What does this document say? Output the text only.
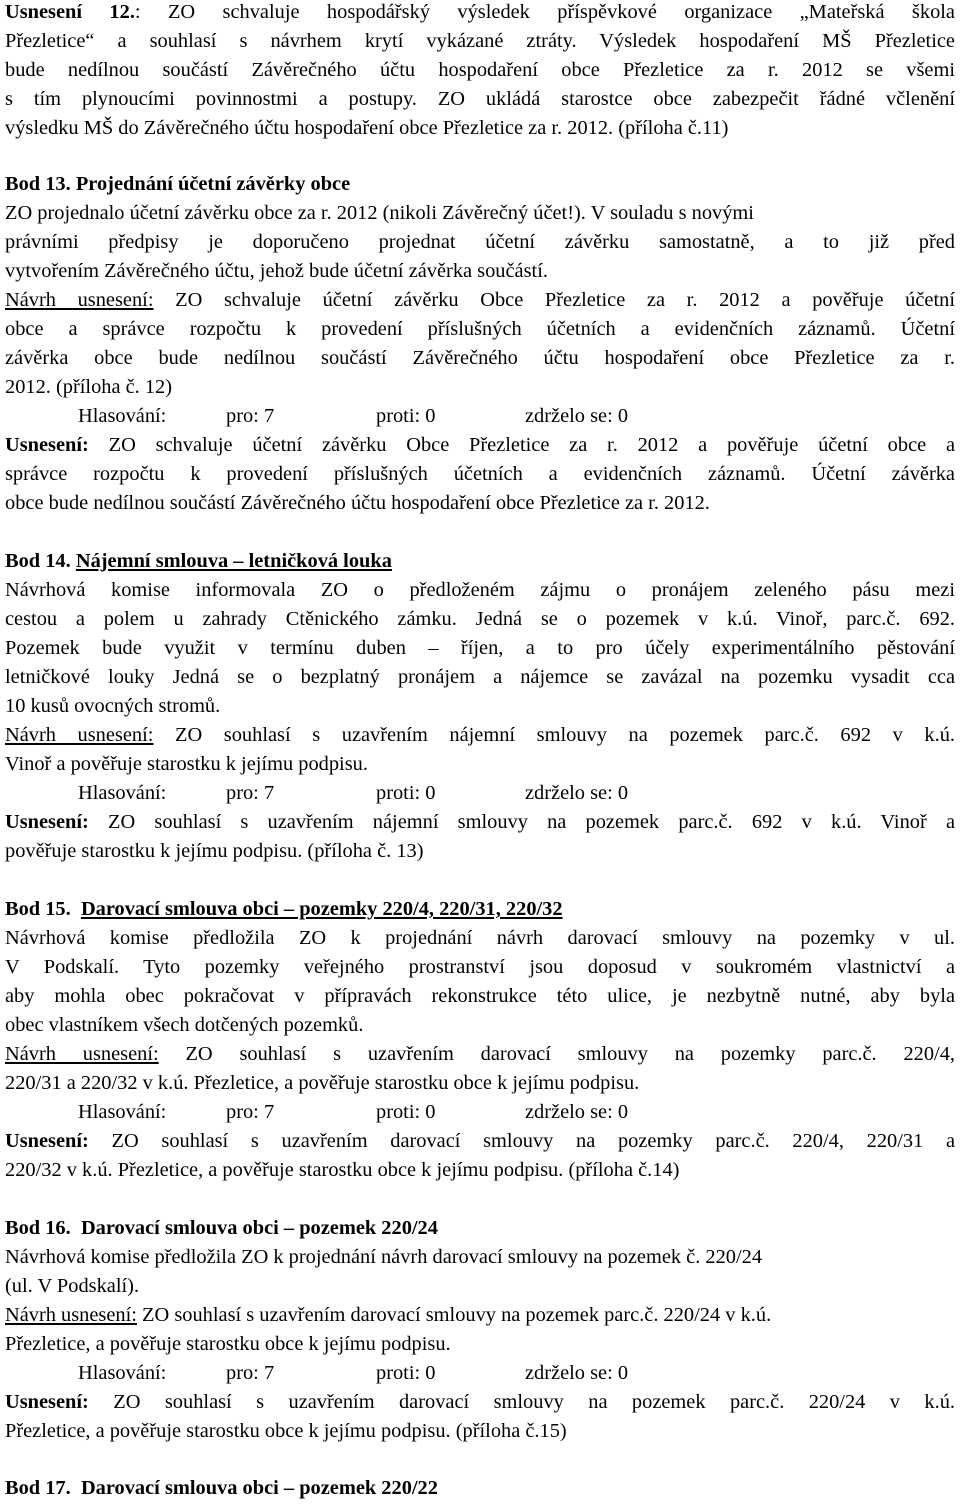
Usnesení 12.: ZO schvaluje hospodářský výsledek příspěvkové organizace „Mateřská škola
Přezletice“ a souhlasí s návrhem krytí vykázané ztráty. Výsledek hospodaření MŠ Přezletice
bude nedílnou součástí Závěrečného účtu hospodaření obce Přezletice za r. 2012 se všemi
s tím plynoucími povinnostmi a postupy. ZO ukládá starostce obce zabezpečit řádné včlenění
výsledku MŠ do Závěrečného účtu hospodaření obce Přezletice za r. 2012. (příloha č.11)
Bod 13. Projednání účetní závěrky obce
ZO projednalo účetní závěrku obce za r. 2012 (nikoli Závěrečný účet!). V souladu s novými
právními předpisy je doporučeno projednat účetní závěrku samostatně, a to již před
vytvořením Závěrečného účtu, jehož bude účetní závěrka součástí.
Návrh usnesení: ZO schvaluje účetní závěrku Obce Přezletice za r. 2012 a pověřuje účetní
obce a správce rozpočtu k provedení příslušných účetních a evidenčních záznamů. Účetní
závěrka obce bude nedílnou součástí Závěrečného účtu hospodaření obce Přezletice za r.
2012. (příloha č. 12)
Hlasování:	pro: 7	proti: 0	zdrželo se: 0
Usnesení: ZO schvaluje účetní závěrku Obce Přezletice za r. 2012 a pověřuje účetní obce a
správce rozpočtu k provedení příslušných účetních a evidenčních záznamů. Účetní závěrka
obce bude nedílnou součástí Závěrečného účtu hospodaření obce Přezletice za r. 2012.
Bod 14. Nájemní smlouva – letničková louka
Návrhová komise informovala ZO o předloženém zájmu o pronájem zeleného pásu mezi
cestou a polem u zahrady Ctěnického zámku. Jedná se o pozemek v k.ú. Vinoř, parc.č. 692.
Pozemek bude využit v termínu duben – říjen, a to pro účely experimentálního pěstování
letničkové louky Jedná se o bezplatný pronájem a nájemce se zavázal na pozemku vysadit cca
10 kusů ovocných stromů.
Návrh usnesení: ZO souhlasí s uzavřením nájemní smlouvy na pozemek parc.č. 692 v k.ú.
Vinoř a pověřuje starostku k jejímu podpisu.
Hlasování:	pro: 7	proti: 0	zdrželo se: 0
Usnesení: ZO souhlasí s uzavřením nájemní smlouvy na pozemek parc.č. 692 v k.ú. Vinoř a
pověřuje starostku k jejímu podpisu. (příloha č. 13)
Bod 15. Darovací smlouva obci – pozemky 220/4, 220/31, 220/32
Návrhová komise předložila ZO k projednání návrh darovací smlouvy na pozemky v ul.
V Podskalí. Tyto pozemky veřejného prostranství jsou doposud v soukromém vlastnictví a
aby mohla obec pokračovat v přípravách rekonstrukce této ulice, je nezbytně nutné, aby byla
obec vlastníkem všech dotčených pozemků.
Návrh usnesení: ZO souhlasí s uzavřením darovací smlouvy na pozemky parc.č. 220/4,
220/31 a 220/32 v k.ú. Přezletice, a pověřuje starostku obce k jejímu podpisu.
Hlasování:	pro: 7	proti: 0	zdrželo se: 0
Usnesení: ZO souhlasí s uzavřením darovací smlouvy na pozemky parc.č. 220/4, 220/31 a
220/32 v k.ú. Přezletice, a pověřuje starostku obce k jejímu podpisu. (příloha č.14)
Bod 16. Darovací smlouva obci – pozemek 220/24
Návrhová komise předložila ZO k projednání návrh darovací smlouvy na pozemek č. 220/24
(ul. V Podskalí).
Návrh usnesení: ZO souhlasí s uzavřením darovací smlouvy na pozemek parc.č. 220/24 v k.ú.
Přezletice, a pověřuje starostku obce k jejímu podpisu.
Hlasování:	pro: 7	proti: 0	zdrželo se: 0
Usnesení: ZO souhlasí s uzavřením darovací smlouvy na pozemek parc.č. 220/24 v k.ú.
Přezletice, a pověřuje starostku obce k jejímu podpisu. (příloha č.15)
Bod 17. Darovací smlouva obci – pozemek 220/22
